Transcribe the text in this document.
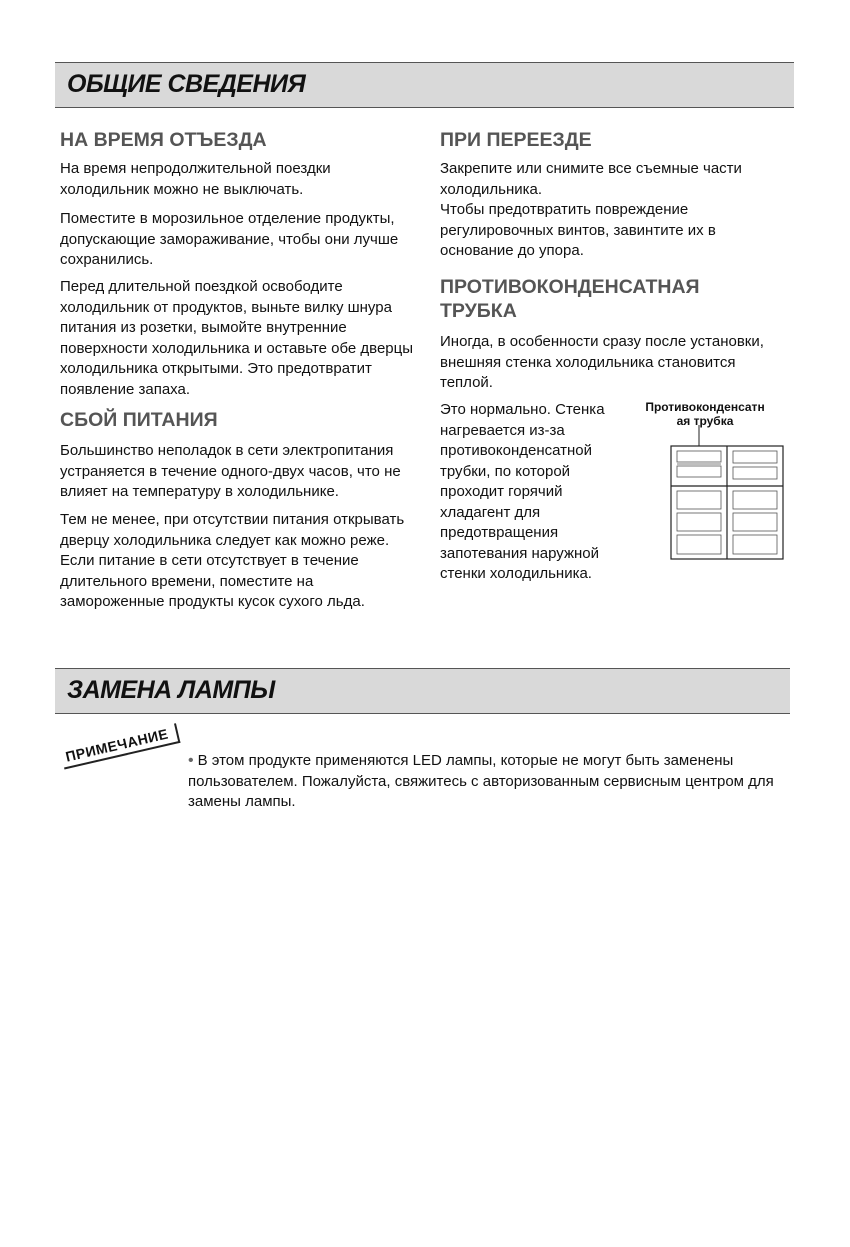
ОБЩИЕ СВЕДЕНИЯ
НА ВРЕМЯ ОТЪЕЗДА

На время непродолжительной поездки холодильник можно не выключать.

Поместите в морозильное отделение продукты, допускающие замораживание, чтобы они лучше сохранились.

Перед длительной поездкой освободите холодильник от продуктов, выньте вилку шнура питания из розетки, вымойте внутренние поверхности холодильника и оставьте обе дверцы холодильника открытыми. Это предотвратит появление запаха.

СБОЙ ПИТАНИЯ

Большинство неполадок в сети электропитания устраняется в течение одного-двух часов, что не влияет на температуру в холодильнике.

Тем не менее, при отсутствии питания открывать дверцу холодильника следует как можно реже. Если питание в сети отсутствует в течение длительного времени, поместите на замороженные продукты кусок сухого льда.

ПРИ ПЕРЕЕЗДЕ

Закрепите или снимите все съемные части холодильника.

Чтобы предотвратить повреждение регулировочных винтов, завинтите их в основание до упора.

ПРОТИВОКОНДЕНСАТНАЯ
ТРУБКА

Иногда, в особенности сразу после установки, внешняя стенка холодильника становится теплой.

Это нормально. Стенка нагревается из-за противоконденсатной трубки, по которой проходит горячий хладагент для предотвращения запотевания наружной стенки холодильника.

Противоконденсатн
ая трубка
ЗАМЕНА ЛАМПЫ
ПРИМЕЧАНИЕ	• В этом продукте применяются LED лампы, которые не могут быть заменены пользователем. Пожалуйста, свяжитесь с авторизованным сервисным центром для замены лампы.
